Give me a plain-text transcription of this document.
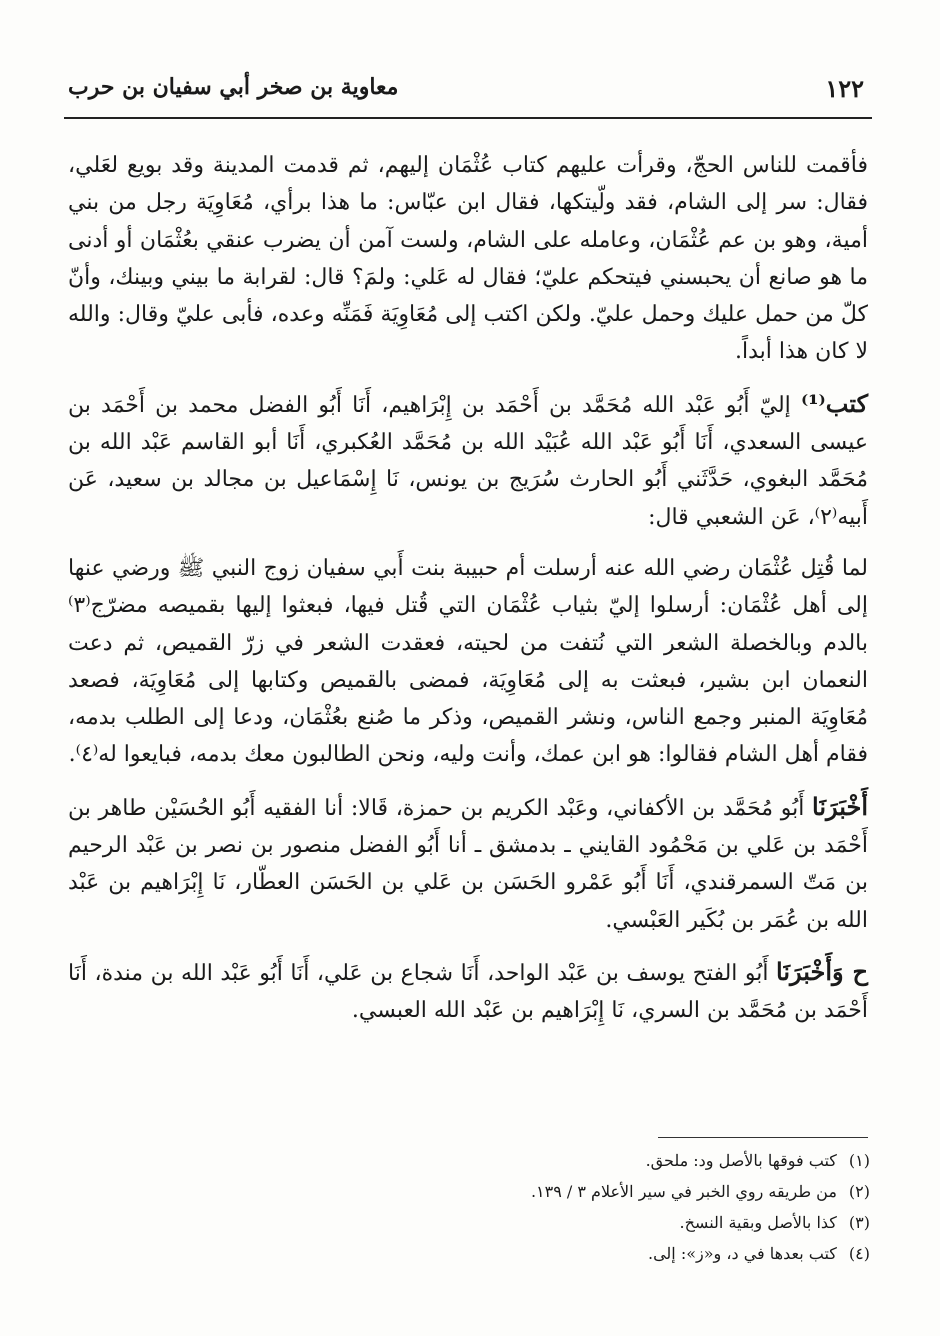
١٢٢
معاوية بن صخر أبي سفيان بن حرب

فأقمت للناس الحجّ، وقرأت عليهم كتاب عُثْمَان إليهم، ثم قدمت المدينة وقد بويع لعَلي، فقال: سر إلى الشام، فقد ولّيتكها، فقال ابن عبّاس: ما هذا برأي، مُعَاوِيَة رجل من بني أمية، وهو بن عم عُثْمَان، وعامله على الشام، ولست آمن أن يضرب عنقي بعُثْمَان أو أدنى ما هو صانع أن يحبسني فيتحكم عليّ؛ فقال له عَلي: ولمَ؟ قال: لقرابة ما بيني وبينك، وأنّ كلّ من حمل عليك وحمل عليّ. ولكن اكتب إلى مُعَاوِيَة فَمَنِّه وعده، فأبى عليّ وقال: والله لا كان هذا أبداً.

كتب⁽¹⁾ إليّ أَبُو عَبْد الله مُحَمَّد بن أَحْمَد بن إِبْرَاهيم، أَنَا أَبُو الفضل محمد بن أَحْمَد بن عيسى السعدي، أَنَا أَبُو عَبْد الله عُبَيْد الله بن مُحَمَّد العُكبري، أَنَا أبو القاسم عَبْد الله بن مُحَمَّد البغوي، حَدَّثَني أَبُو الحارث سُرَيج بن يونس، نَا إِسْمَاعيل بن مجالد بن سعيد، عَن أَبيه⁽٢⁾، عَن الشعبي قال:

لما قُتِل عُثْمَان رضي الله عنه أرسلت أم حبيبة بنت أَبي سفيان زوج النبي ﷺ ورضي عنها إلى أهل عُثْمَان: أرسلوا إليّ بثياب عُثْمَان التي قُتل فيها، فبعثوا إليها بقميصه مضرّج⁽٣⁾ بالدم وبالخصلة الشعر التي نُتفت من لحيته، فعقدت الشعر في زرّ القميص، ثم دعت النعمان ابن بشير، فبعثت به إلى مُعَاوِيَة، فمضى بالقميص وكتابها إلى مُعَاوِيَة، فصعد مُعَاوِيَة المنبر وجمع الناس، ونشر القميص، وذكر ما صُنع بعُثْمَان، ودعا إلى الطلب بدمه، فقام أهل الشام فقالوا: هو ابن عمك، وأنت وليه، ونحن الطالبون معك بدمه، فبايعوا له⁽٤⁾.

أَخْبَرَنَا أَبُو مُحَمَّد بن الأكفاني، وعَبْد الكريم بن حمزة، قَالا: أنا الفقيه أَبُو الحُسَيْن طاهر بن أَحْمَد بن عَلي بن مَحْمُود القايني ـ بدمشق ـ أنا أَبُو الفضل منصور بن نصر بن عَبْد الرحيم بن مَتّ السمرقندي، أَنَا أَبُو عَمْرو الحَسَن بن عَلي بن الحَسَن العطّار، نَا إِبْرَاهيم بن عَبْد الله بن عُمَر بن بُكَير العَبْسي.

ح وَأَخْبَرَنَا أَبُو الفتح يوسف بن عَبْد الواحد، أَنَا شجاع بن عَلي، أَنَا أَبُو عَبْد الله بن مندة، أَنَا أَحْمَد بن مُحَمَّد بن السري، نَا إِبْرَاهيم بن عَبْد الله العبسي.

(١)كتب فوقها بالأصل ود: ملحق.

(٢)من طريقه روي الخبر في سير الأعلام ٣ / ١٣٩.

(٣)كذا بالأصل وبقية النسخ.

(٤)كتب بعدها في د، و«ز»: إلى.
